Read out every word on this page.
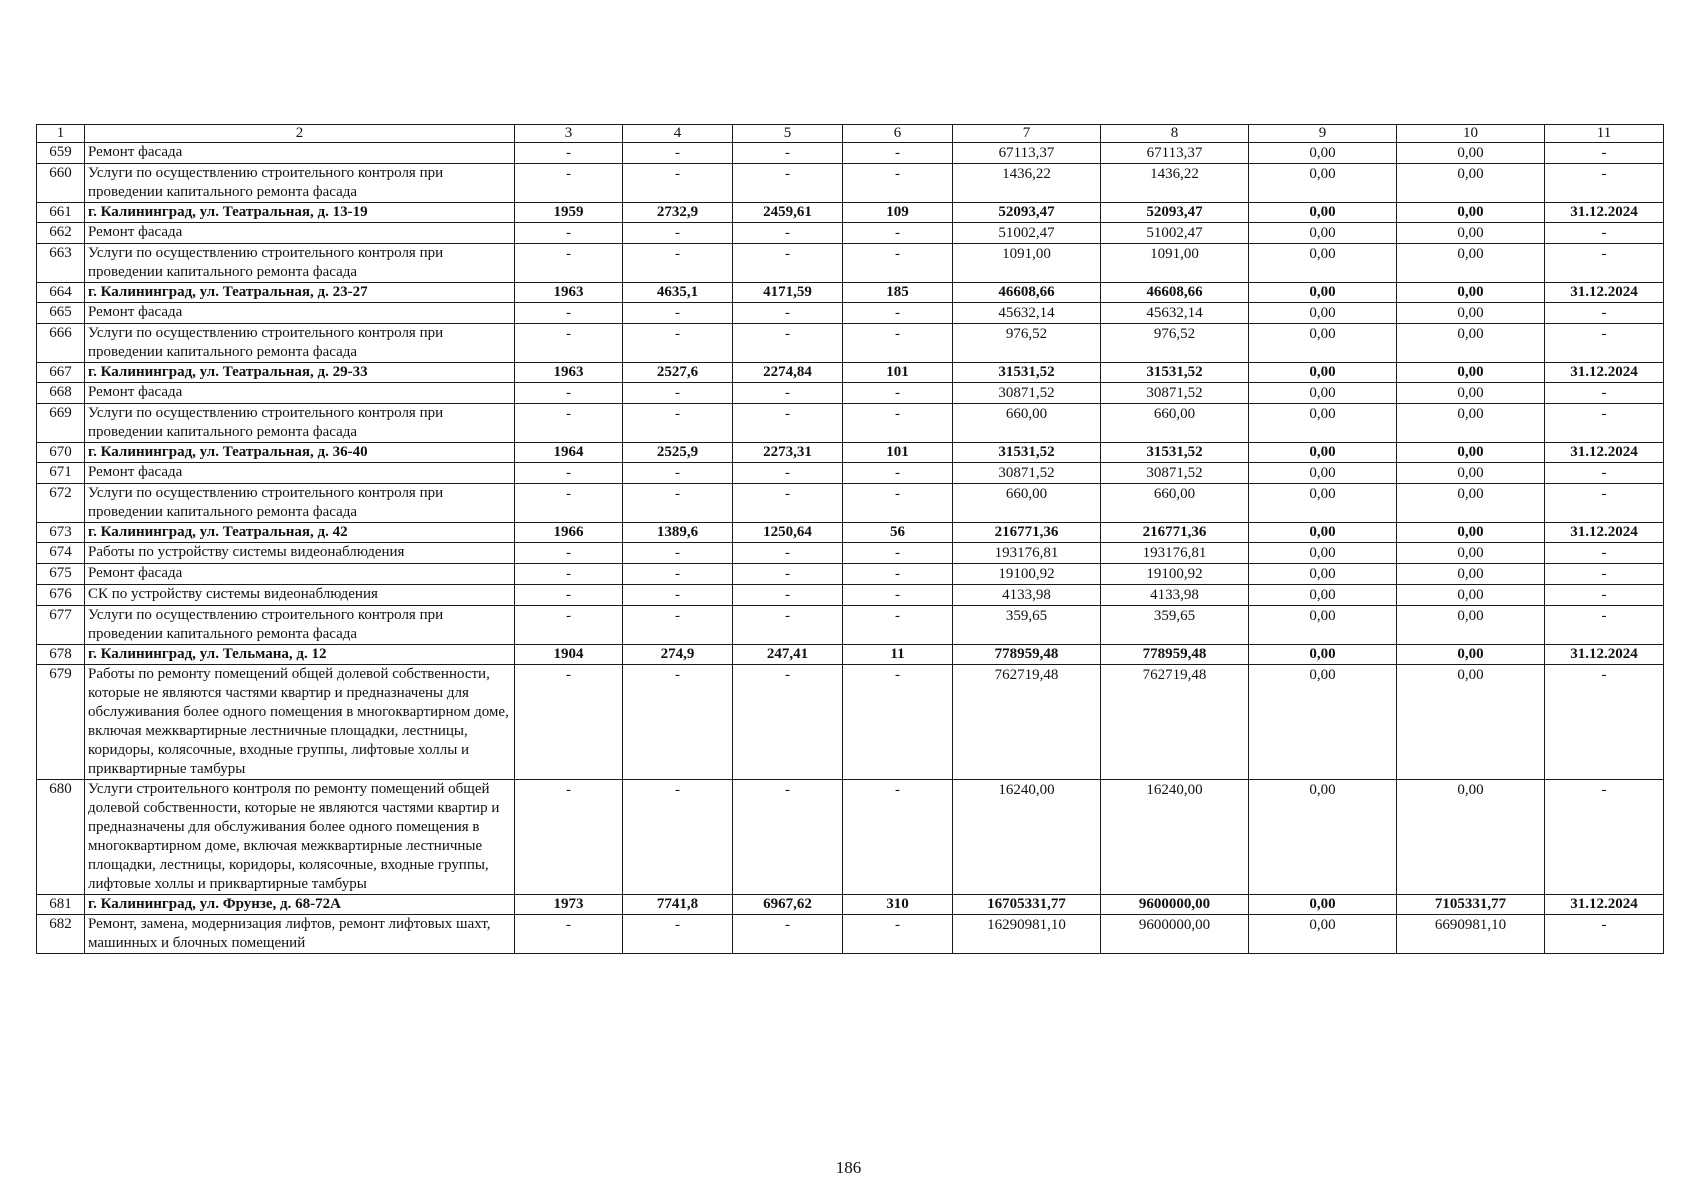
1	2	3	4	5	6	7	8	9	10	11
659	Ремонт фасада	-	-	-	-	67113,37	67113,37	0,00	0,00	-
660	Услуги по осуществлению строительного контроля при проведении капитального ремонта фасада	-	-	-	-	1436,22	1436,22	0,00	0,00	-
661	г. Калининград, ул. Театральная, д. 13-19	1959	2732,9	2459,61	109	52093,47	52093,47	0,00	0,00	31.12.2024
662	Ремонт фасада	-	-	-	-	51002,47	51002,47	0,00	0,00	-
663	Услуги по осуществлению строительного контроля при проведении капитального ремонта фасада	-	-	-	-	1091,00	1091,00	0,00	0,00	-
664	г. Калининград, ул. Театральная, д. 23-27	1963	4635,1	4171,59	185	46608,66	46608,66	0,00	0,00	31.12.2024
665	Ремонт фасада	-	-	-	-	45632,14	45632,14	0,00	0,00	-
666	Услуги по осуществлению строительного контроля при проведении капитального ремонта фасада	-	-	-	-	976,52	976,52	0,00	0,00	-
667	г. Калининград, ул. Театральная, д. 29-33	1963	2527,6	2274,84	101	31531,52	31531,52	0,00	0,00	31.12.2024
668	Ремонт фасада	-	-	-	-	30871,52	30871,52	0,00	0,00	-
669	Услуги по осуществлению строительного контроля при проведении капитального ремонта фасада	-	-	-	-	660,00	660,00	0,00	0,00	-
670	г. Калининград, ул. Театральная, д. 36-40	1964	2525,9	2273,31	101	31531,52	31531,52	0,00	0,00	31.12.2024
671	Ремонт фасада	-	-	-	-	30871,52	30871,52	0,00	0,00	-
672	Услуги по осуществлению строительного контроля при проведении капитального ремонта фасада	-	-	-	-	660,00	660,00	0,00	0,00	-
673	г. Калининград, ул. Театральная, д. 42	1966	1389,6	1250,64	56	216771,36	216771,36	0,00	0,00	31.12.2024
674	Работы по устройству системы видеонаблюдения	-	-	-	-	193176,81	193176,81	0,00	0,00	-
675	Ремонт фасада	-	-	-	-	19100,92	19100,92	0,00	0,00	-
676	СК по устройству системы видеонаблюдения	-	-	-	-	4133,98	4133,98	0,00	0,00	-
677	Услуги по осуществлению строительного контроля при проведении капитального ремонта фасада	-	-	-	-	359,65	359,65	0,00	0,00	-
678	г. Калининград, ул. Тельмана, д. 12	1904	274,9	247,41	11	778959,48	778959,48	0,00	0,00	31.12.2024
679	Работы по ремонту помещений общей долевой собственности, которые не являются частями квартир и предназначены для обслуживания более одного помещения в многоквартирном доме, включая межквартирные лестничные площадки, лестницы, коридоры, колясочные, входные группы, лифтовые холлы и приквартирные тамбуры	-	-	-	-	762719,48	762719,48	0,00	0,00	-
680	Услуги строительного контроля по ремонту помещений общей долевой собственности, которые не являются частями квартир и предназначены для обслуживания более одного помещения в многоквартирном доме, включая межквартирные лестничные площадки, лестницы, коридоры, колясочные, входные группы, лифтовые холлы и приквартирные тамбуры	-	-	-	-	16240,00	16240,00	0,00	0,00	-
681	г. Калининград, ул. Фрунзе, д. 68-72А	1973	7741,8	6967,62	310	16705331,77	9600000,00	0,00	7105331,77	31.12.2024
682	Ремонт, замена, модернизация лифтов, ремонт лифтовых шахт, машинных и блочных помещений	-	-	-	-	16290981,10	9600000,00	0,00	6690981,10	-
186
